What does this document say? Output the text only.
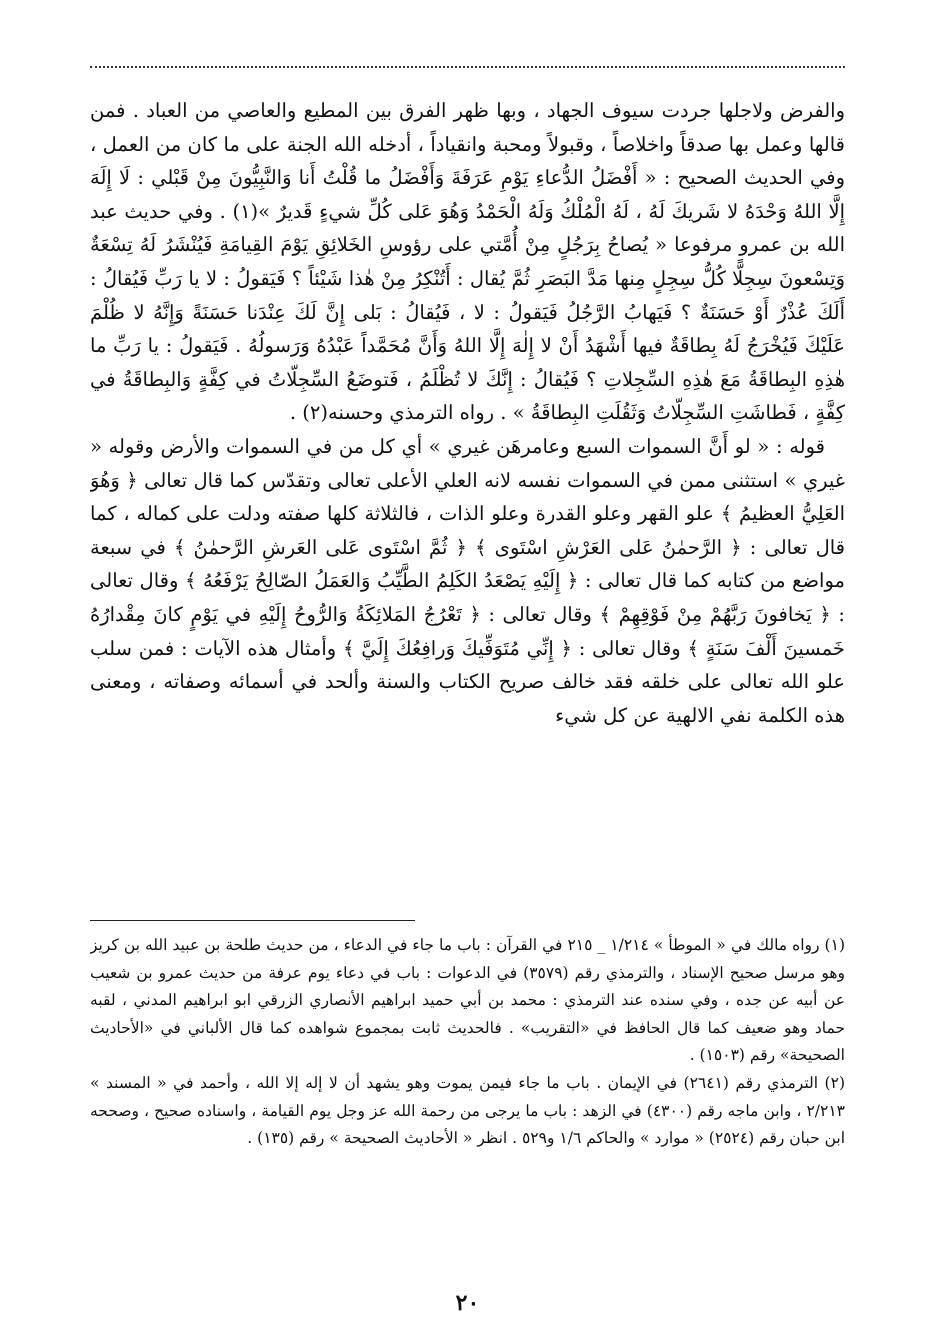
والفرض ولاجلها جردت سيوف الجهاد ، وبها ظهر الفرق بين المطيع والعاصي من العباد . فمن قالها وعمل بها صدقاً واخلاصاً ، وقبولاً ومحبة وانقياداً ، أدخله الله الجنة على ما كان من العمل ، وفي الحديث الصحيح : « أَفْضَلُ الدُّعاءِ يَوْمِ عَرَفَةَ وَأَفْضَلُ ما قُلْتُ أَنا وَالنَّبِيُّونَ مِنْ قَبْلي : لَا إِلَهَ إِلَّا اللهُ وَحْدَهُ لا شَريكَ لَهُ ، لَهُ الْمُلْكُ وَلَهُ الْحَمْدُ وَهُوَ عَلى كُلِّ شيءٍ قَديرٌ »(١) . وفي حديث عبد الله بن عمرو مرفوعا « يُصاحُ بِرَجُلٍ مِنْ أُمَّتي على رؤوسِ الخَلائِقِ يَوْمَ القِيامَةِ فَيُنْشَرُ لَهُ تِسْعَةٌ وَتِسْعونَ سِجِلًّا كُلُّ سِجِلٍ مِنها مَدَّ البَصَرِ ثُمَّ يُقال : أَتُنْكِرُ مِنْ هٰذا شَيْئاً ؟ فَيَقولُ : لا يا رَبِّ فَيُقالُ : أَلَكَ عُذْرٌ أَوْ حَسَنَةٌ ؟ فَيَهابُ الرَّجُلُ فَيَقولُ : لا ، فَيُقالُ : بَلى إِنَّ لَكَ عِنْدَنا حَسَنَةً وَإِنَّهُ لا ظُلْمَ عَلَيْكَ فَيُخْرَجُ لَهُ بِطاقَةٌ فيها أَشْهَدُ أَنْ لا إِلٰهَ إِلَّا اللهُ وَأَنَّ مُحَمَّداً عَبْدُهُ وَرَسولُهُ . فَيَقولُ : يا رَبِّ ما هٰذِهِ البِطاقَةُ مَعَ هٰذِهِ السِّجِلاتِ ؟ فَيُقالُ : إِنَّكَ لا تُظْلَمُ ، فَتوضَعُ السِّجِلّاتُ في كِفَّةٍ وَالبِطاقَةُ في كِفَّةٍ ، فَطاشَتِ السِّجِلّاتُ وَثَقُلَتِ البِطاقَةُ » . رواه الترمذي وحسنه(٢) .

قوله : « لو أَنَّ السموات السبع وعامرهَن غيري » أي كل من في السموات والأرض وقوله « غيري » استثنى ممن في السموات نفسه لانه العلي الأعلى تعالى وتقدّس كما قال تعالى ﴿ وَهُوَ العَلِيُّ العظيمُ ﴾ علو القهر وعلو القدرة وعلو الذات ، فالثلاثة كلها صفته ودلت على كماله ، كما قال تعالى : ﴿ الرَّحمٰنُ عَلى العَرْشِ اسْتَوى ﴾ ﴿ ثُمَّ اسْتَوى عَلى العَرشِ الرَّحمٰنُ ﴾ في سبعة مواضع من كتابه كما قال تعالى : ﴿ إِلَيْهِ يَصْعَدُ الكَلِمُ الطَّيِّبُ وَالعَمَلُ الصّالِحُ يَرْفَعُهُ ﴾ وقال تعالى : ﴿ يَخافونَ رَبَّهُمْ مِنْ فَوْقِهِمْ ﴾ وقال تعالى : ﴿ تَعْرُجُ المَلائِكَةُ وَالرُّوحُ إِلَيْهِ في يَوْمٍ كانَ مِقْدارُهُ خَمسينَ أَلْفَ سَنَةٍ ﴾ وقال تعالى : ﴿ إِنِّي مُتَوَفِّيكَ وَرافِعُكَ إِلَيَّ ﴾ وأمثال هذه الآيات : فمن سلب علو الله تعالى على خلقه فقد خالف صريح الكتاب والسنة وألحد في أسمائه وصفاته ، ومعنى هذه الكلمة نفي الالهية عن كل شيء

(١) رواه مالك في « الموطأ » ١/٢١٤ _ ٢١٥ في القرآن : باب ما جاء في الدعاء ، من حديث طلحة بن عبيد الله بن كريز وهو مرسل صحيح الإسناد ، والترمذي رقم (٣٥٧٩) في الدعوات : باب في دعاء يوم عرفة من حديث عمرو بن شعيب عن أبيه عن جده ، وفي سنده عند الترمذي : محمد بن أبي حميد ابراهيم الأنصاري الزرقي ابو ابراهيم المدني ، لقبه حماد وهو ضعيف كما قال الحافظ في «التقريب» . فالحديث ثابت بمجموع شواهده كما قال الألباني في «الأحاديث الصحيحة» رقم (١٥٠٣) .

(٢) الترمذي رقم (٢٦٤١) في الإيمان . باب ما جاء فيمن يموت وهو يشهد أن لا إله إلا الله ، وأحمد في « المسند » ٢/٢١٣ ، وابن ماجه رقم (٤٣٠٠) في الزهد : باب ما يرجى من رحمة الله عز وجل يوم القيامة ، واسناده صحيح ، وصححه ابن حبان رقم (٢٥٢٤) « موارد » والحاكم ١/٦ و٥٢٩ . انظر « الأحاديث الصحيحة » رقم (١٣٥) .

٢٠
